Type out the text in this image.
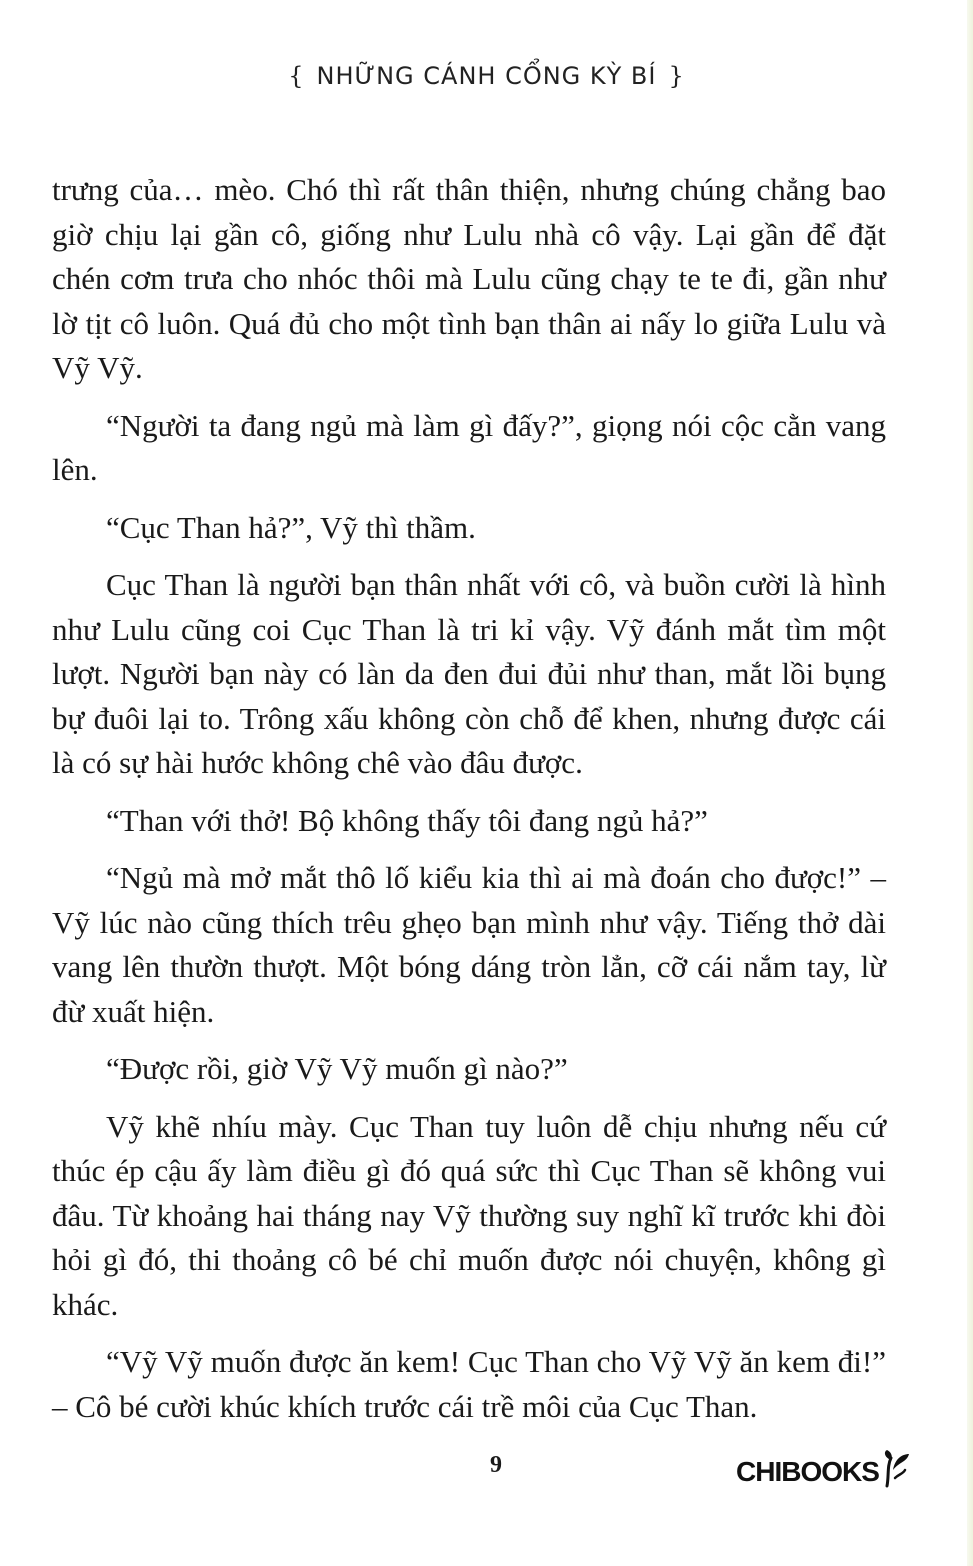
{ NHỮNG CÁNH CỔNG KỲ BÍ }

trưng của… mèo. Chó thì rất thân thiện, nhưng chúng chẳng bao giờ chịu lại gần cô, giống như Lulu nhà cô vậy. Lại gần để đặt chén cơm trưa cho nhóc thôi mà Lulu cũng chạy te te đi, gần như lờ tịt cô luôn. Quá đủ cho một tình bạn thân ai nấy lo giữa Lulu và Vỹ Vỹ.

“Người ta đang ngủ mà làm gì đấy?”, giọng nói cộc cằn vang lên.

“Cục Than hả?”, Vỹ thì thầm.

Cục Than là người bạn thân nhất với cô, và buồn cười là hình như Lulu cũng coi Cục Than là tri kỉ vậy. Vỹ đánh mắt tìm một lượt. Người bạn này có làn da đen đui đủi như than, mắt lồi bụng bự đuôi lại to. Trông xấu không còn chỗ để khen, nhưng được cái là có sự hài hước không chê vào đâu được.

“Than với thở! Bộ không thấy tôi đang ngủ hả?”

“Ngủ mà mở mắt thô lố kiểu kia thì ai mà đoán cho được!” – Vỹ lúc nào cũng thích trêu ghẹo bạn mình như vậy. Tiếng thở dài vang lên thườn thượt. Một bóng dáng tròn lẳn, cỡ cái nắm tay, lừ đừ xuất hiện.

“Được rồi, giờ Vỹ Vỹ muốn gì nào?”

Vỹ khẽ nhíu mày. Cục Than tuy luôn dễ chịu nhưng nếu cứ thúc ép cậu ấy làm điều gì đó quá sức thì Cục Than sẽ không vui đâu. Từ khoảng hai tháng nay Vỹ thường suy nghĩ kĩ trước khi đòi hỏi gì đó, thi thoảng cô bé chỉ muốn được nói chuyện, không gì khác.

“Vỹ Vỹ muốn được ăn kem! Cục Than cho Vỹ Vỹ ăn kem đi!” – Cô bé cười khúc khích trước cái trề môi của Cục Than.

9	CHIBOOKS
